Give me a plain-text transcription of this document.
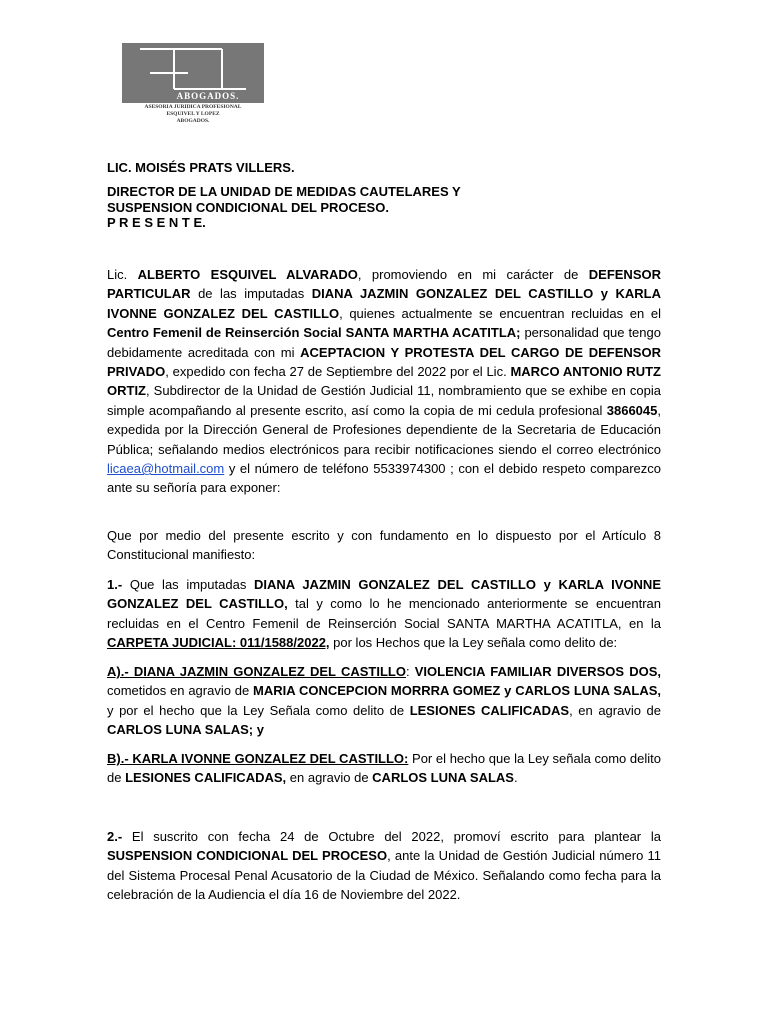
ABOGADOS.
ASESORIA JURIDICA PROFESIONAL
ESQUIVEL Y LOPEZ
ABOGADOS.
LIC. MOISÉS PRATS VILLERS.
DIRECTOR DE LA UNIDAD DE MEDIDAS CAUTELARES Y
SUSPENSION CONDICIONAL DEL PROCESO.
P R E S E N T E.
Lic. ALBERTO ESQUIVEL ALVARADO, promoviendo en mi carácter de DEFENSOR PARTICULAR de las imputadas DIANA JAZMIN GONZALEZ DEL CASTILLO y KARLA IVONNE GONZALEZ DEL CASTILLO, quienes actualmente se encuentran recluidas en el Centro Femenil de Reinserción Social SANTA MARTHA ACATITLA; personalidad que tengo debidamente acreditada con mi ACEPTACION Y PROTESTA DEL CARGO DE DEFENSOR PRIVADO, expedido con fecha 27 de Septiembre del 2022 por el Lic. MARCO ANTONIO RUTZ ORTIZ, Subdirector de la Unidad de Gestión Judicial 11, nombramiento que se exhibe en copia simple acompañando al presente escrito, así como la copia de mi cedula profesional 3866045, expedida por la Dirección General de Profesiones dependiente de la Secretaria de Educación Pública; señalando medios electrónicos para recibir notificaciones siendo el correo electrónico licaea@hotmail.com y el número de teléfono 5533974300 ; con el debido respeto comparezco ante su señoría para exponer:
Que por medio del presente escrito y con fundamento en lo dispuesto por el Artículo 8 Constitucional manifiesto:
1.- Que las imputadas DIANA JAZMIN GONZALEZ DEL CASTILLO y KARLA IVONNE GONZALEZ DEL CASTILLO, tal y como lo he mencionado anteriormente se encuentran recluidas en el Centro Femenil de Reinserción Social SANTA MARTHA ACATITLA, en la CARPETA JUDICIAL: 011/1588/2022, por los Hechos que la Ley señala como delito de:
A).- DIANA JAZMIN GONZALEZ DEL CASTILLO: VIOLENCIA FAMILIAR DIVERSOS DOS, cometidos en agravio de MARIA CONCEPCION MORRRA GOMEZ y CARLOS LUNA SALAS, y por el hecho que la Ley Señala como delito de LESIONES CALIFICADAS, en agravio de CARLOS LUNA SALAS; y
B).- KARLA IVONNE GONZALEZ DEL CASTILLO: Por el hecho que la Ley señala como delito de LESIONES CALIFICADAS, en agravio de CARLOS LUNA SALAS.
2.- El suscrito con fecha 24 de Octubre del 2022, promoví escrito para plantear la SUSPENSION CONDICIONAL DEL PROCESO, ante la Unidad de Gestión Judicial número 11 del Sistema Procesal Penal Acusatorio de la Ciudad de México. Señalando como fecha para la celebración de la Audiencia el día 16 de Noviembre del 2022.
